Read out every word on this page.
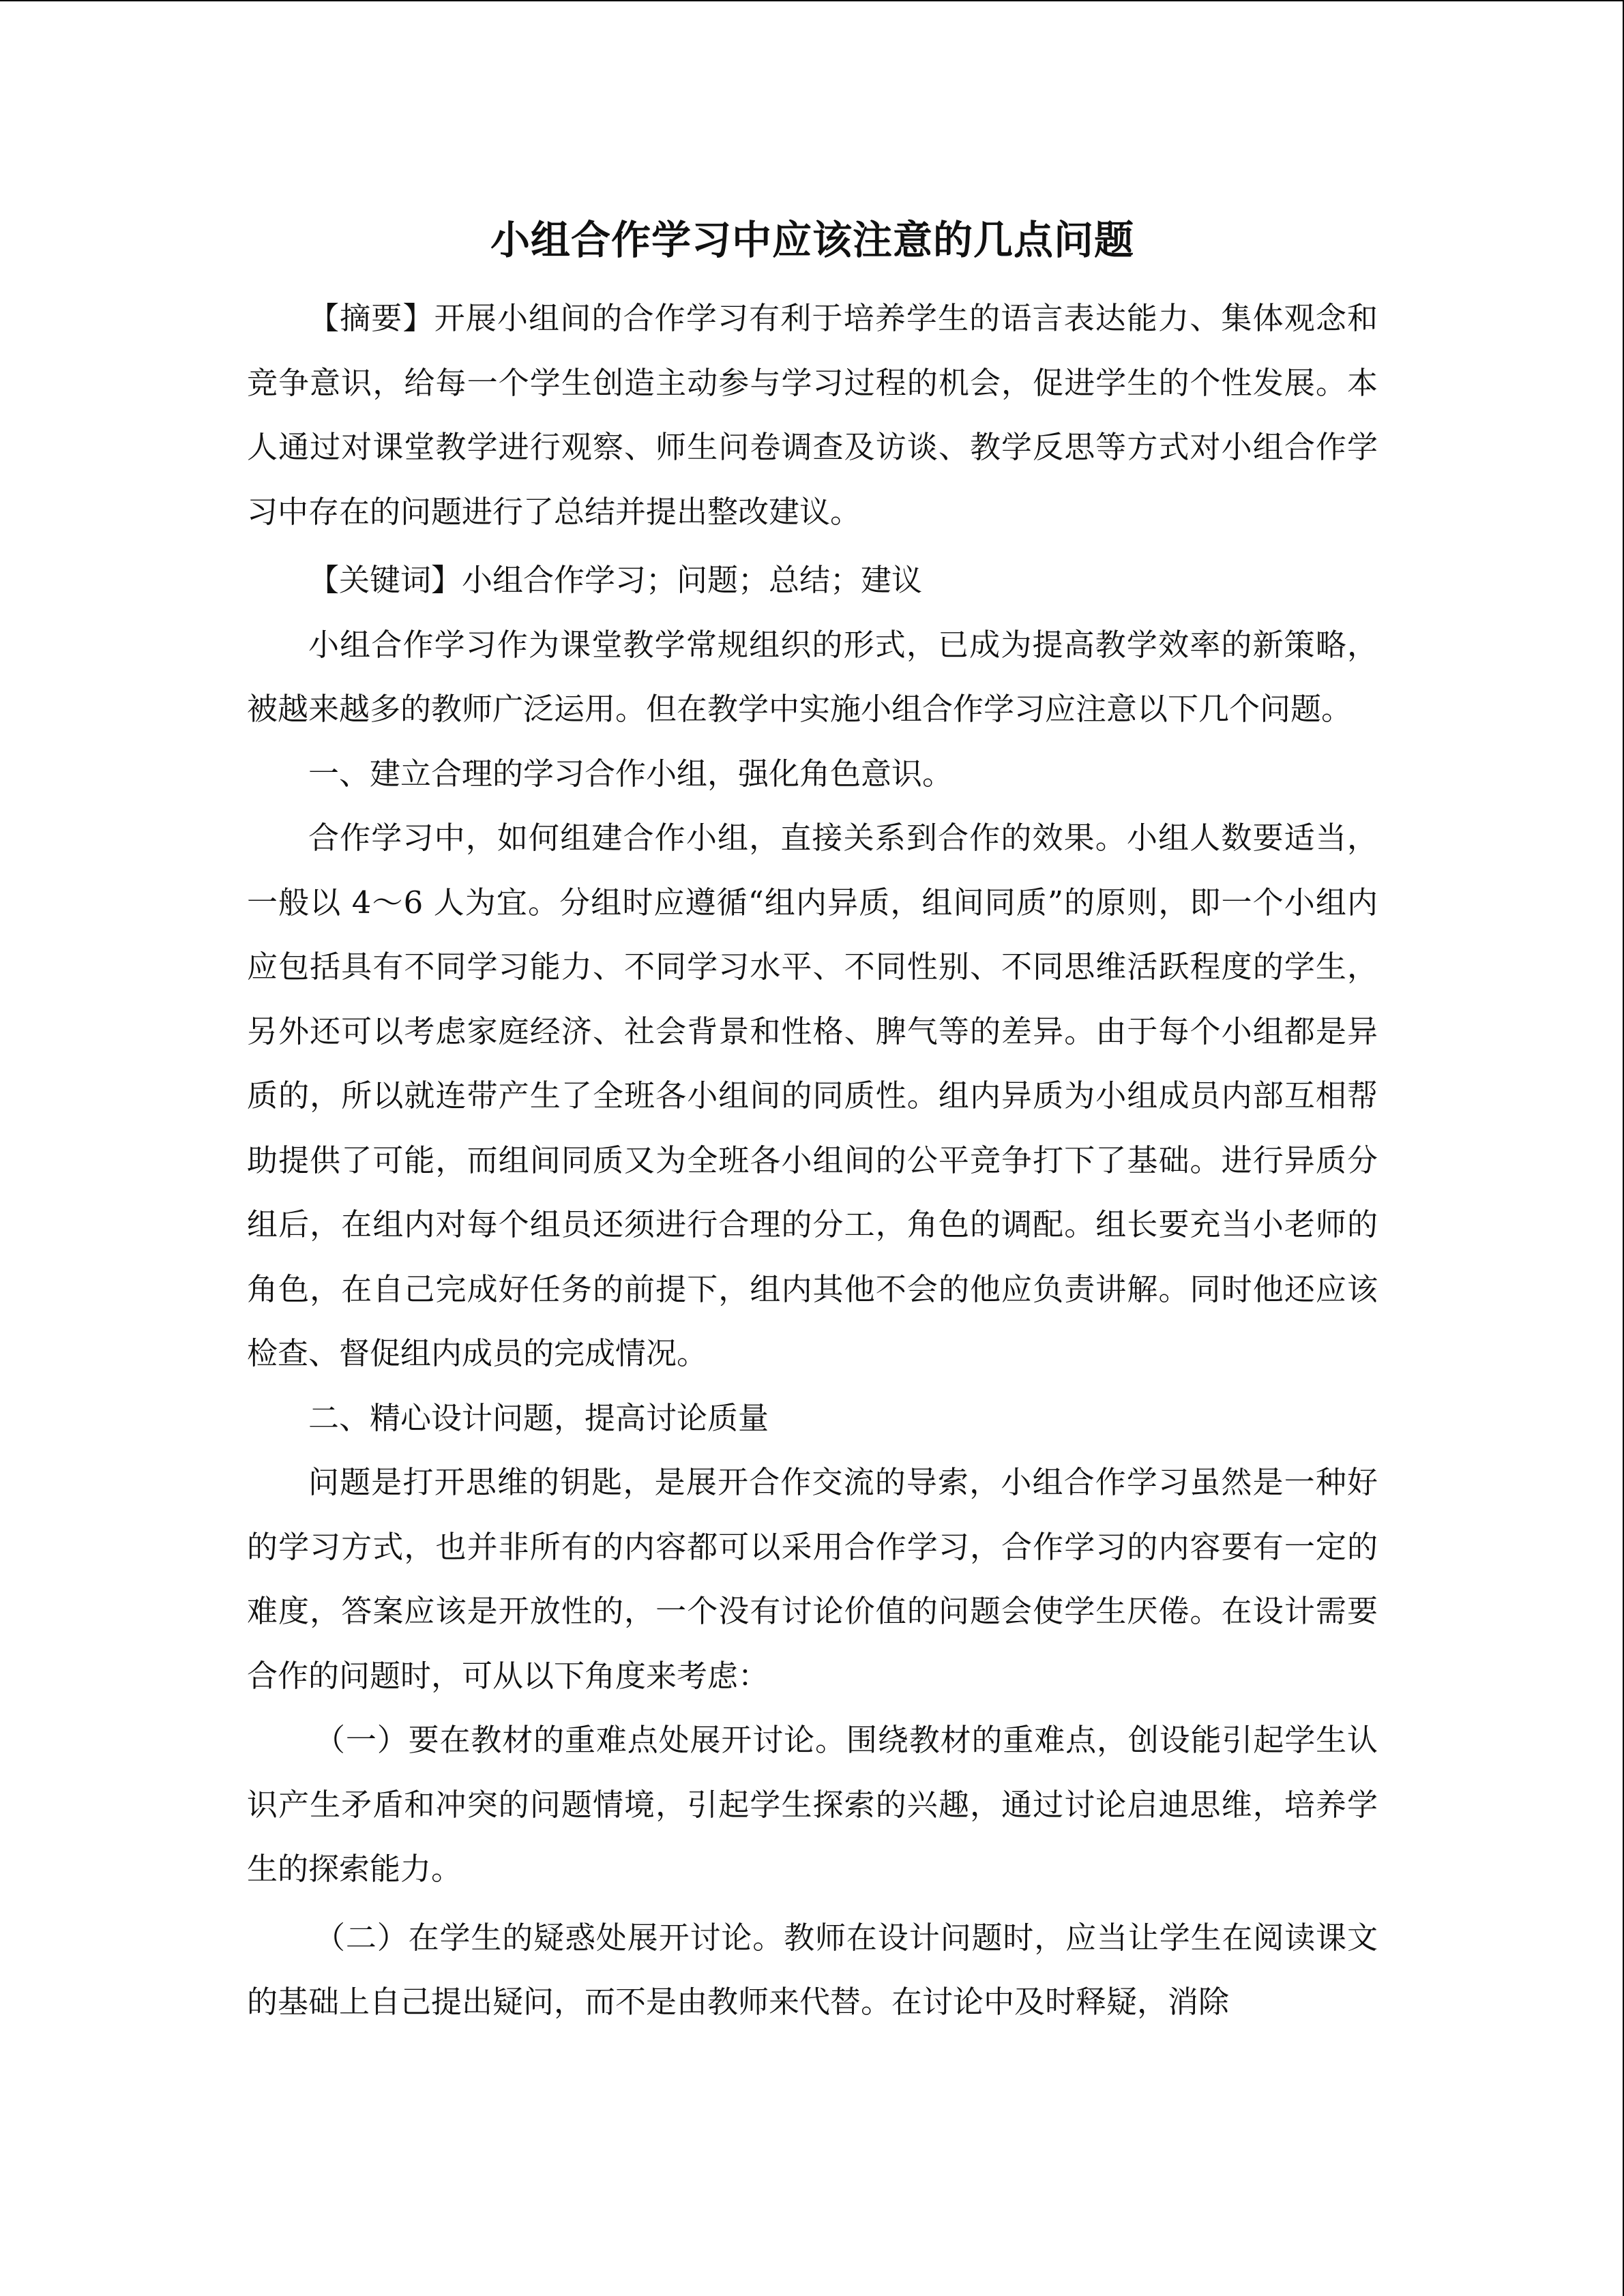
小组合作学习中应该注意的几点问题

【摘要】开展小组间的合作学习有利于培养学生的语言表达能力、集体观念和竞争意识，给每一个学生创造主动参与学习过程的机会，促进学生的个性发展。本人通过对课堂教学进行观察、师生问卷调查及访谈、教学反思等方式对小组合作学习中存在的问题进行了总结并提出整改建议。

【关键词】小组合作学习；问题；总结；建议

小组合作学习作为课堂教学常规组织的形式，已成为提高教学效率的新策略，被越来越多的教师广泛运用。但在教学中实施小组合作学习应注意以下几个问题。

一、建立合理的学习合作小组，强化角色意识。

合作学习中，如何组建合作小组，直接关系到合作的效果。小组人数要适当，一般以 4～6 人为宜。分组时应遵循“组内异质，组间同质”的原则，即一个小组内应包括具有不同学习能力、不同学习水平、不同性别、不同思维活跃程度的学生，另外还可以考虑家庭经济、社会背景和性格、脾气等的差异。由于每个小组都是异质的，所以就连带产生了全班各小组间的同质性。组内异质为小组成员内部互相帮助提供了可能，而组间同质又为全班各小组间的公平竞争打下了基础。进行异质分组后，在组内对每个组员还须进行合理的分工，角色的调配。组长要充当小老师的角色，在自己完成好任务的前提下，组内其他不会的他应负责讲解。同时他还应该检查、督促组内成员的完成情况。

二、精心设计问题，提高讨论质量

问题是打开思维的钥匙，是展开合作交流的导索，小组合作学习虽然是一种好的学习方式，也并非所有的内容都可以采用合作学习，合作学习的内容要有一定的难度，答案应该是开放性的，一个没有讨论价值的问题会使学生厌倦。在设计需要合作的问题时，可从以下角度来考虑：

（一）要在教材的重难点处展开讨论。围绕教材的重难点，创设能引起学生认识产生矛盾和冲突的问题情境，引起学生探索的兴趣，通过讨论启迪思维，培养学生的探索能力。

（二）在学生的疑惑处展开讨论。教师在设计问题时，应当让学生在阅读课文的基础上自己提出疑问，而不是由教师来代替。在讨论中及时释疑，消除
